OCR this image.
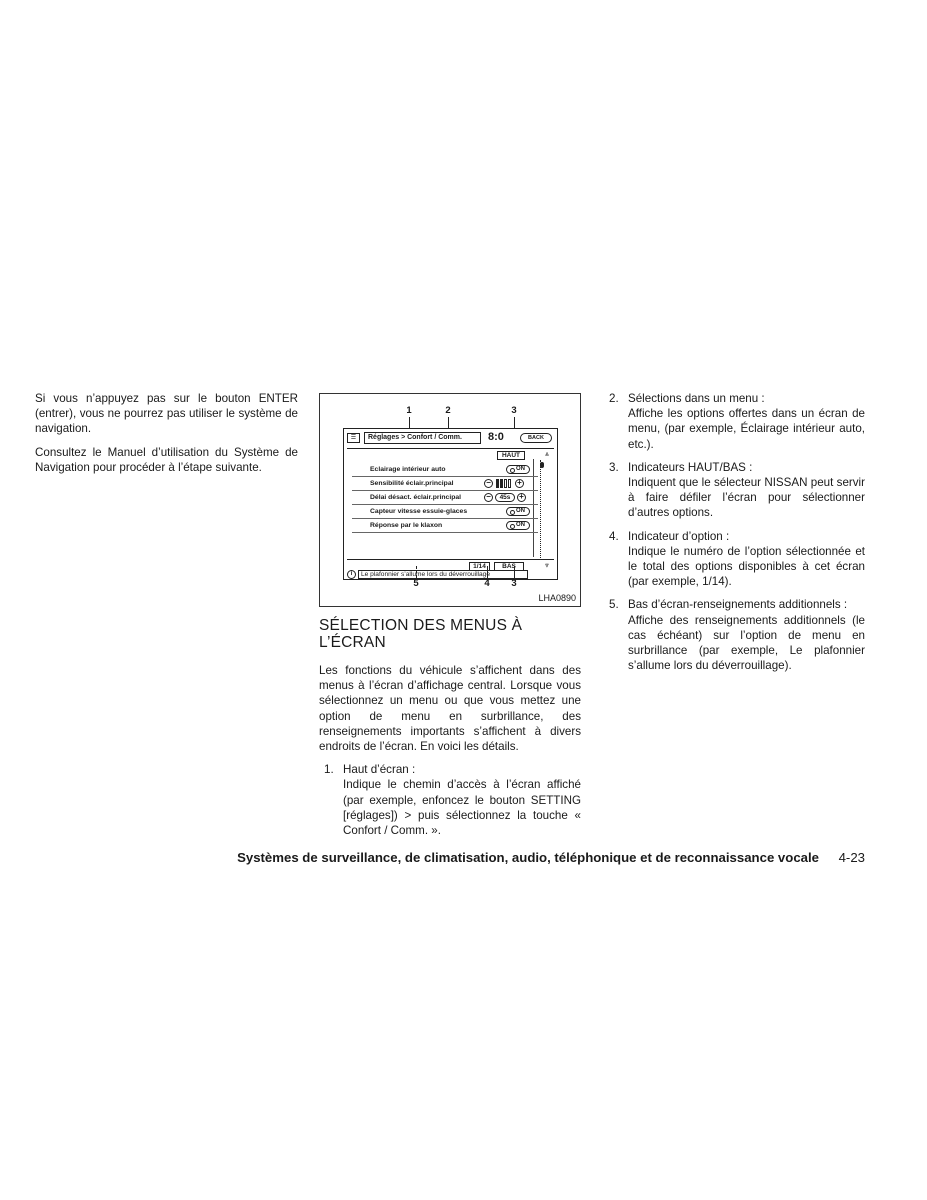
Si vous n’appuyez pas sur le bouton ENTER (entrer), vous ne pourrez pas utiliser le système de navigation.

Consultez le Manuel d’utilisation du Système de Navigation pour procéder à l’étape suivante.

1	2	3
☰	Réglages > Confort / Comm.	8:0	BACK
HAUT	⩓
Eclairage intérieur auto	ON
Sensibilité éclair.principal	−	+
Délai désact. éclair.principal	−	45s	+
Capteur vitesse essuie-glaces	ON
Réponse par le klaxon	ON
1/14	BAS	⩔
i	Le plafonnier s’allume lors du déverrouillage
5	4 3
LHA0890
SÉLECTION DES MENUS À
L’ÉCRAN

Les fonctions du véhicule s’affichent dans des menus à l’écran d’affichage central. Lorsque vous sélectionnez un menu ou que vous mettez une option de menu en surbrillance, des renseignements importants s’affichent à divers endroits de l’écran. En voici les détails.

1. Haut d’écran :
Indique le chemin d’accès à l’écran affiché (par exemple, enfoncez le bouton SETTING [réglages]) > puis sélectionnez la touche « Confort / Comm. ».
2. Sélections dans un menu :
Affiche les options offertes dans un écran de menu, (par exemple, Éclairage intérieur auto, etc.).
3. Indicateurs HAUT/BAS :
Indiquent que le sélecteur NISSAN peut servir à faire défiler l’écran pour sélectionner d’autres options.
4. Indicateur d’option :
Indique le numéro de l’option sélectionnée et le total des options disponibles à cet écran (par exemple, 1/14).
5. Bas d’écran-renseignements additionnels :
Affiche des renseignements additionnels (le cas échéant) sur l’option de menu en surbrillance (par exemple, Le plafonnier s’allume lors du déverrouillage).
Systèmes de surveillance, de climatisation, audio, téléphonique et de reconnaissance vocale 4-23
